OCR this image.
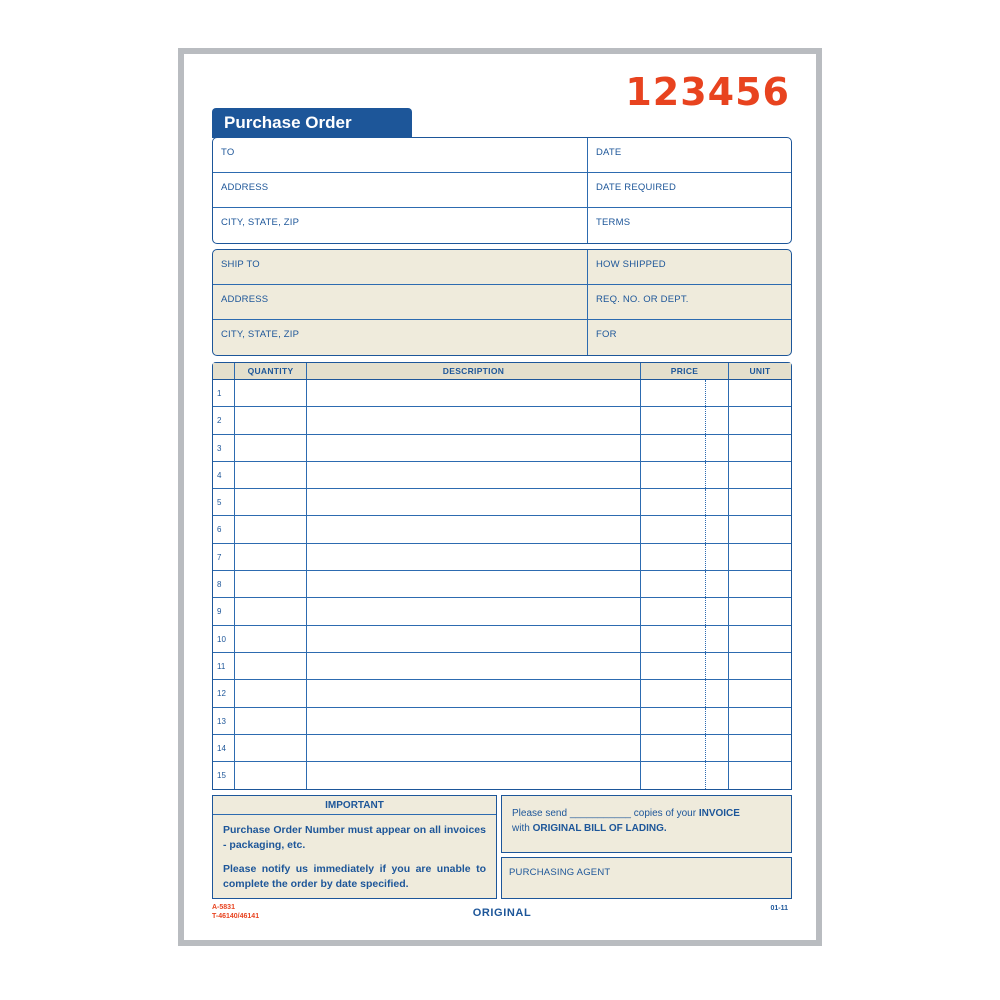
123456
Purchase Order
TO	DATE
ADDRESS	DATE REQUIRED
CITY, STATE, ZIP	TERMS
SHIP TO	HOW SHIPPED
ADDRESS	REQ. NO. OR DEPT.
CITY, STATE, ZIP	FOR
QUANTITY	DESCRIPTION	PRICE	UNIT
1
2
3
4
5
6
7
8
9
10
11
12
13
14
15
IMPORTANT

Purchase Order Number must appear on all invoices - packaging, etc.

Please notify us immediately if you are unable to complete the order by date specified.

Please send ___________ copies of your INVOICE
with ORIGINAL BILL OF LADING.
PURCHASING AGENT
A-5831
T-46140/46141	ORIGINAL	01-11
